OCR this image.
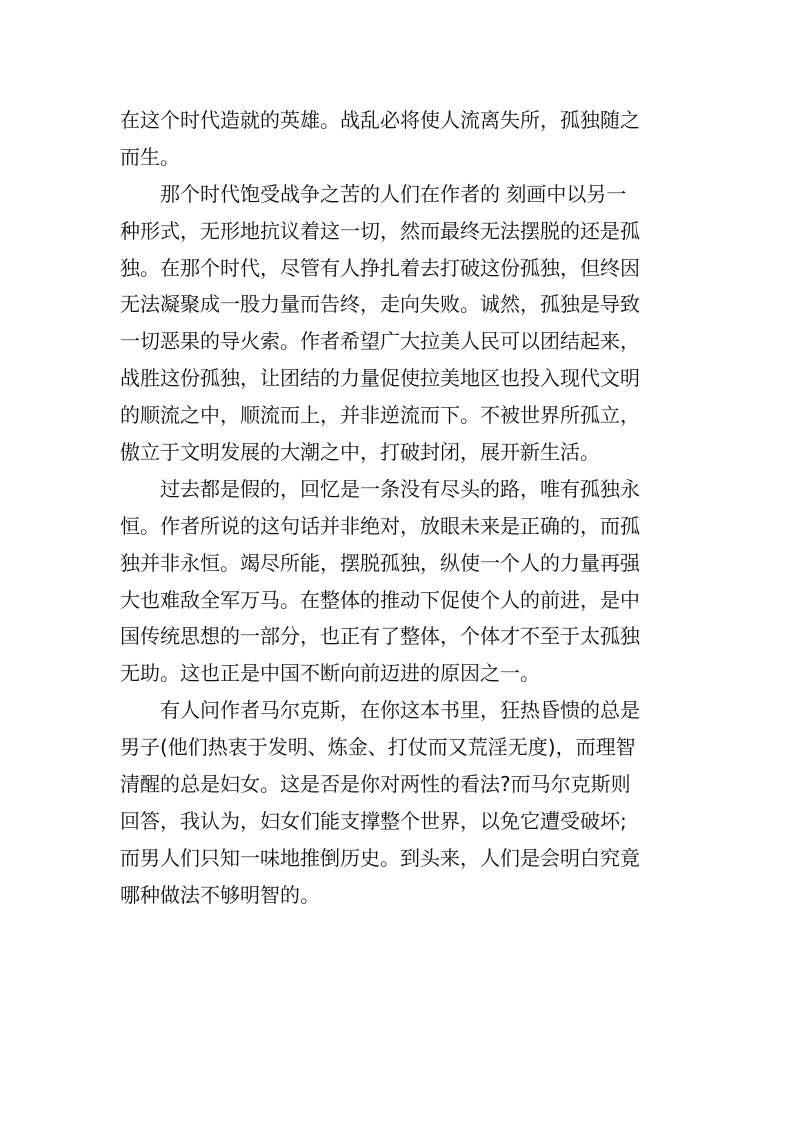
在这个时代造就的英雄。战乱必将使人流离失所，孤独随之
而生。
那个时代饱受战争之苦的人们在作者的 刻画中以另一
种形式，无形地抗议着这一切，然而最终无法摆脱的还是孤
独。在那个时代，尽管有人挣扎着去打破这份孤独，但终因
无法凝聚成一股力量而告终，走向失败。诚然，孤独是导致
一切恶果的导火索。作者希望广大拉美人民可以团结起来，
战胜这份孤独，让团结的力量促使拉美地区也投入现代文明
的顺流之中，顺流而上，并非逆流而下。不被世界所孤立，
傲立于文明发展的大潮之中，打破封闭，展开新生活。
过去都是假的，回忆是一条没有尽头的路，唯有孤独永
恒。作者所说的这句话并非绝对，放眼未来是正确的，而孤
独并非永恒。竭尽所能，摆脱孤独，纵使一个人的力量再强
大也难敌全军万马。在整体的推动下促使个人的前进，是中
国传统思想的一部分，也正有了整体，个体才不至于太孤独
无助。这也正是中国不断向前迈进的原因之一。
有人问作者马尔克斯，在你这本书里，狂热昏愦的总是
男子(他们热衷于发明、炼金、打仗而又荒淫无度)，而理智
清醒的总是妇女。这是否是你对两性的看法?而马尔克斯则
回答，我认为，妇女们能支撑整个世界，以免它遭受破坏;
而男人们只知一味地推倒历史。到头来，人们是会明白究竟
哪种做法不够明智的。
